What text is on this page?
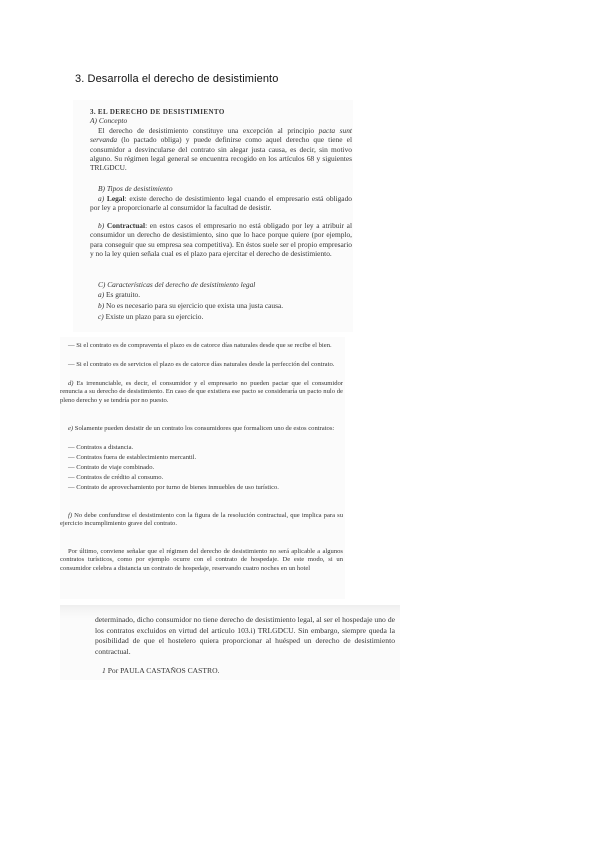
3. Desarrolla el derecho de desistimiento

3. EL DERECHO DE DESISTIMIENTO

A) Concepto

El derecho de desistimiento constituye una excepción al principio pacta sunt servanda (lo pactado obliga) y puede definirse como aquel derecho que tiene el consumidor a desvincularse del contrato sin alegar justa causa, es decir, sin motivo alguno. Su régimen legal general se encuentra recogido en los artículos 68 y siguientes TRLGDCU.

B) Tipos de desistimiento

a) Legal: existe derecho de desistimiento legal cuando el empresario está obligado por ley a proporcionarle al consumidor la facultad de desistir.

b) Contractual: en estos casos el empresario no está obligado por ley a atribuir al consumidor un derecho de desistimiento, sino que lo hace porque quiere (por ejemplo, para conseguir que su empresa sea competitiva). En éstos suele ser el propio empresario y no la ley quien señala cual es el plazo para ejercitar el derecho de desistimiento.

C) Características del derecho de desistimiento legal

a) Es gratuito.

b) No es necesario para su ejercicio que exista una justa causa.

c) Existe un plazo para su ejercicio.

— Si el contrato es de compraventa el plazo es de catorce días naturales desde que se recibe el bien.

— Si el contrato es de servicios el plazo es de catorce días naturales desde la perfección del contrato.

d) Es irrenunciable, es decir, el consumidor y el empresario no pueden pactar que el consumidor renuncia a su derecho de desistimiento. En caso de que existiera ese pacto se consideraría un pacto nulo de pleno derecho y se tendría por no puesto.

e) Solamente pueden desistir de un contrato los consumidores que formalicen uno de estos contratos:

— Contratos a distancia.

— Contratos fuera de establecimiento mercantil.

— Contrato de viaje combinado.

— Contratos de crédito al consumo.

— Contrato de aprovechamiento por turno de bienes inmuebles de uso turístico.

f) No debe confundirse el desistimiento con la figura de la resolución contractual, que implica para su ejercicio incumplimiento grave del contrato.

Por último, conviene señalar que el régimen del derecho de desistimiento no será aplicable a algunos contratos turísticos, como por ejemplo ocurre con el contrato de hospedaje. De este modo, si un consumidor celebra a distancia un contrato de hospedaje, reservando cuatro noches en un hotel

determinado, dicho consumidor no tiene derecho de desistimiento legal, al ser el hospedaje uno de los contratos excluidos en virtud del artículo 103.i) TRLGDCU. Sin embargo, siempre queda la posibilidad de que el hostelero quiera proporcionar al huésped un derecho de desistimiento contractual.

1 Por PAULA CASTAÑOS CASTRO.
